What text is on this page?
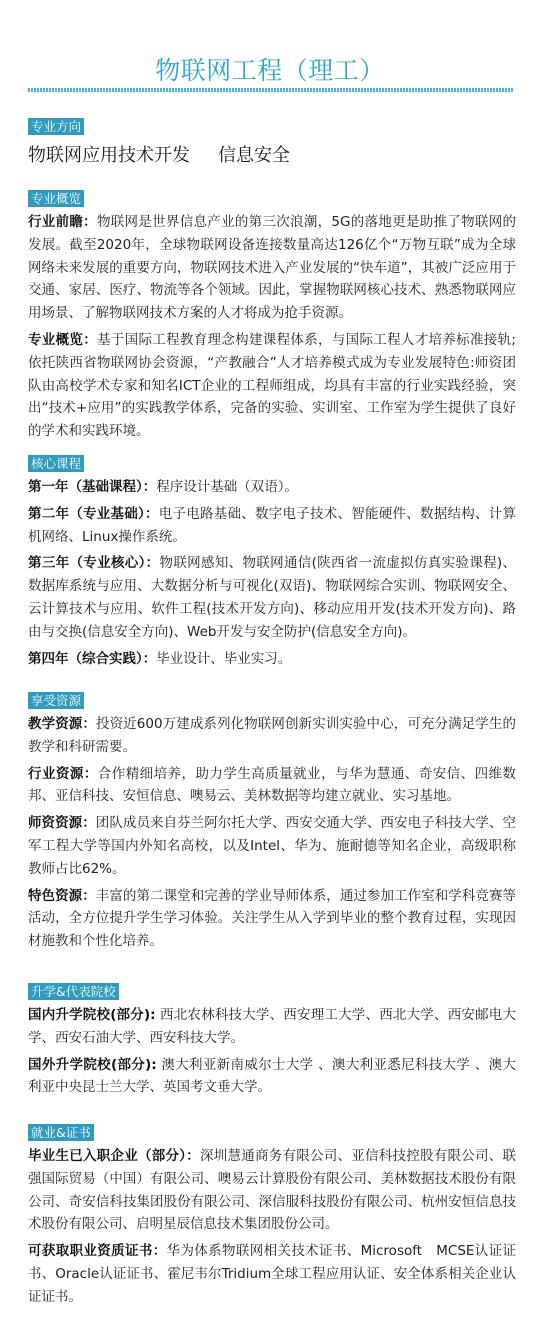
物联网工程（理工）
专业方向
物联网应用技术开发 信息安全
专业概览

行业前瞻：物联网是世界信息产业的第三次浪潮，5G的落地更是助推了物联网的发展。截至2020年，全球物联网设备连接数量高达126亿个“万物互联”成为全球网络未来发展的重要方向，物联网技术进入产业发展的“快车道”，其被广泛应用于交通、家居、医疗、物流等各个领域。因此，掌握物联网核心技术、熟悉物联网应用场景、了解物联网技术方案的人才将成为抢手资源。

专业概览：基于国际工程教育理念构建课程体系，与国际工程人才培养标准接轨;依托陕西省物联网协会资源，“产教融合”人才培养模式成为专业发展特色:师资团队由高校学术专家和知名ICT企业的工程师组成，均具有丰富的行业实践经验，突出“技术+应用”的实践教学体系，完备的实验、实训室、工作室为学生提供了良好的学术和实践环境。

核心课程

第一年（基础课程）：程序设计基础（双语）。

第二年（专业基础）：电子电路基础、数字电子技术、智能硬件、数据结构、计算机网络、Linux操作系统。

第三年（专业核心）：物联网感知、物联网通信(陕西省一流虚拟仿真实验课程)、数据库系统与应用、大数据分析与可视化(双语)、物联网综合实训、物联网安全、云计算技术与应用、软件工程(技术开发方向)、移动应用开发(技术开发方向)、路由与交换(信息安全方向)、Web开发与安全防护(信息安全方向)。

第四年（综合实践）：毕业设计、毕业实习。

享受资源

教学资源：投资近600万建成系列化物联网创新实训实验中心，可充分满足学生的教学和科研需要。

行业资源：合作精细培养，助力学生高质量就业，与华为慧通、奇安信、四维数邦、亚信科技、安恒信息、噢易云、美林数据等均建立就业、实习基地。

师资资源：团队成员来自芬兰阿尔托大学、西安交通大学、西安电子科技大学、空军工程大学等国内外知名高校，以及Intel、华为、施耐德等知名企业，高级职称教师占比62%。

特色资源：丰富的第二课堂和完善的学业导师体系，通过参加工作室和学科竞赛等活动，全方位提升学生学习体验。关注学生从入学到毕业的整个教育过程，实现因材施教和个性化培养。

升学&代表院校

国内升学院校(部分): 西北农林科技大学、西安理工大学、西北大学、西安邮电大学、西安石油大学、西安科技大学。

国外升学院校(部分): 澳大利亚新南威尔士大学 、澳大利亚悉尼科技大学 、澳大利亚中央昆士兰大学、英国考文垂大学。

就业&证书

毕业生已入职企业（部分）：深圳慧通商务有限公司、亚信科技控股有限公司、联强国际贸易（中国）有限公司、噢易云计算股份有限公司、美林数据技术股份有限公司、奇安信科技集团股份有限公司、深信服科技股份有限公司、杭州安恒信息技术股份有限公司、启明星辰信息技术集团股份公司。

可获取职业资质证书：华为体系物联网相关技术证书、Microsoft　MCSE认证证书、Oracle认证证书、霍尼韦尔Tridium全球工程应用认证、安全体系相关企业认证证书。
